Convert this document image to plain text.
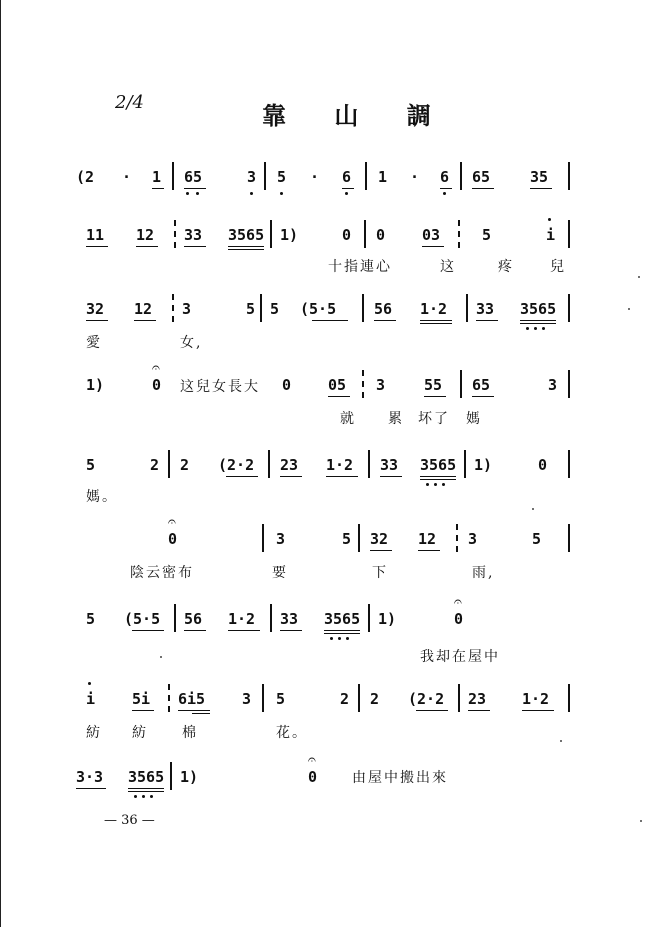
2/4	靠 山 調
(2 · 1 65	3 5 · 6 1 · 6 65	35
11 12 33 3565 1)	0 0 03	5	i
十指連心	这	疼	兒
32 12 3	5 5 (5·5	56 1·2 33 3565
愛	女,
1)
𝄐
0 这兒女長大 0 05 3	55 65	3
就 累 坏了 媽
5	2 2 (2·2 23 1·2 33 3565 1)	0
媽。
𝄐
0	3	5 32 12 3	5
陰云密布	要	下	雨,
5 (5·5 56 1·2 33 3565 1)
𝄐
0
我却在屋中
i 5i 6i5 3 5	2 2 (2·2 23 1·2
紡 紡 棉	花。
3·3 3565 1)
𝄐
0 由屋中搬出來
— 36 —
